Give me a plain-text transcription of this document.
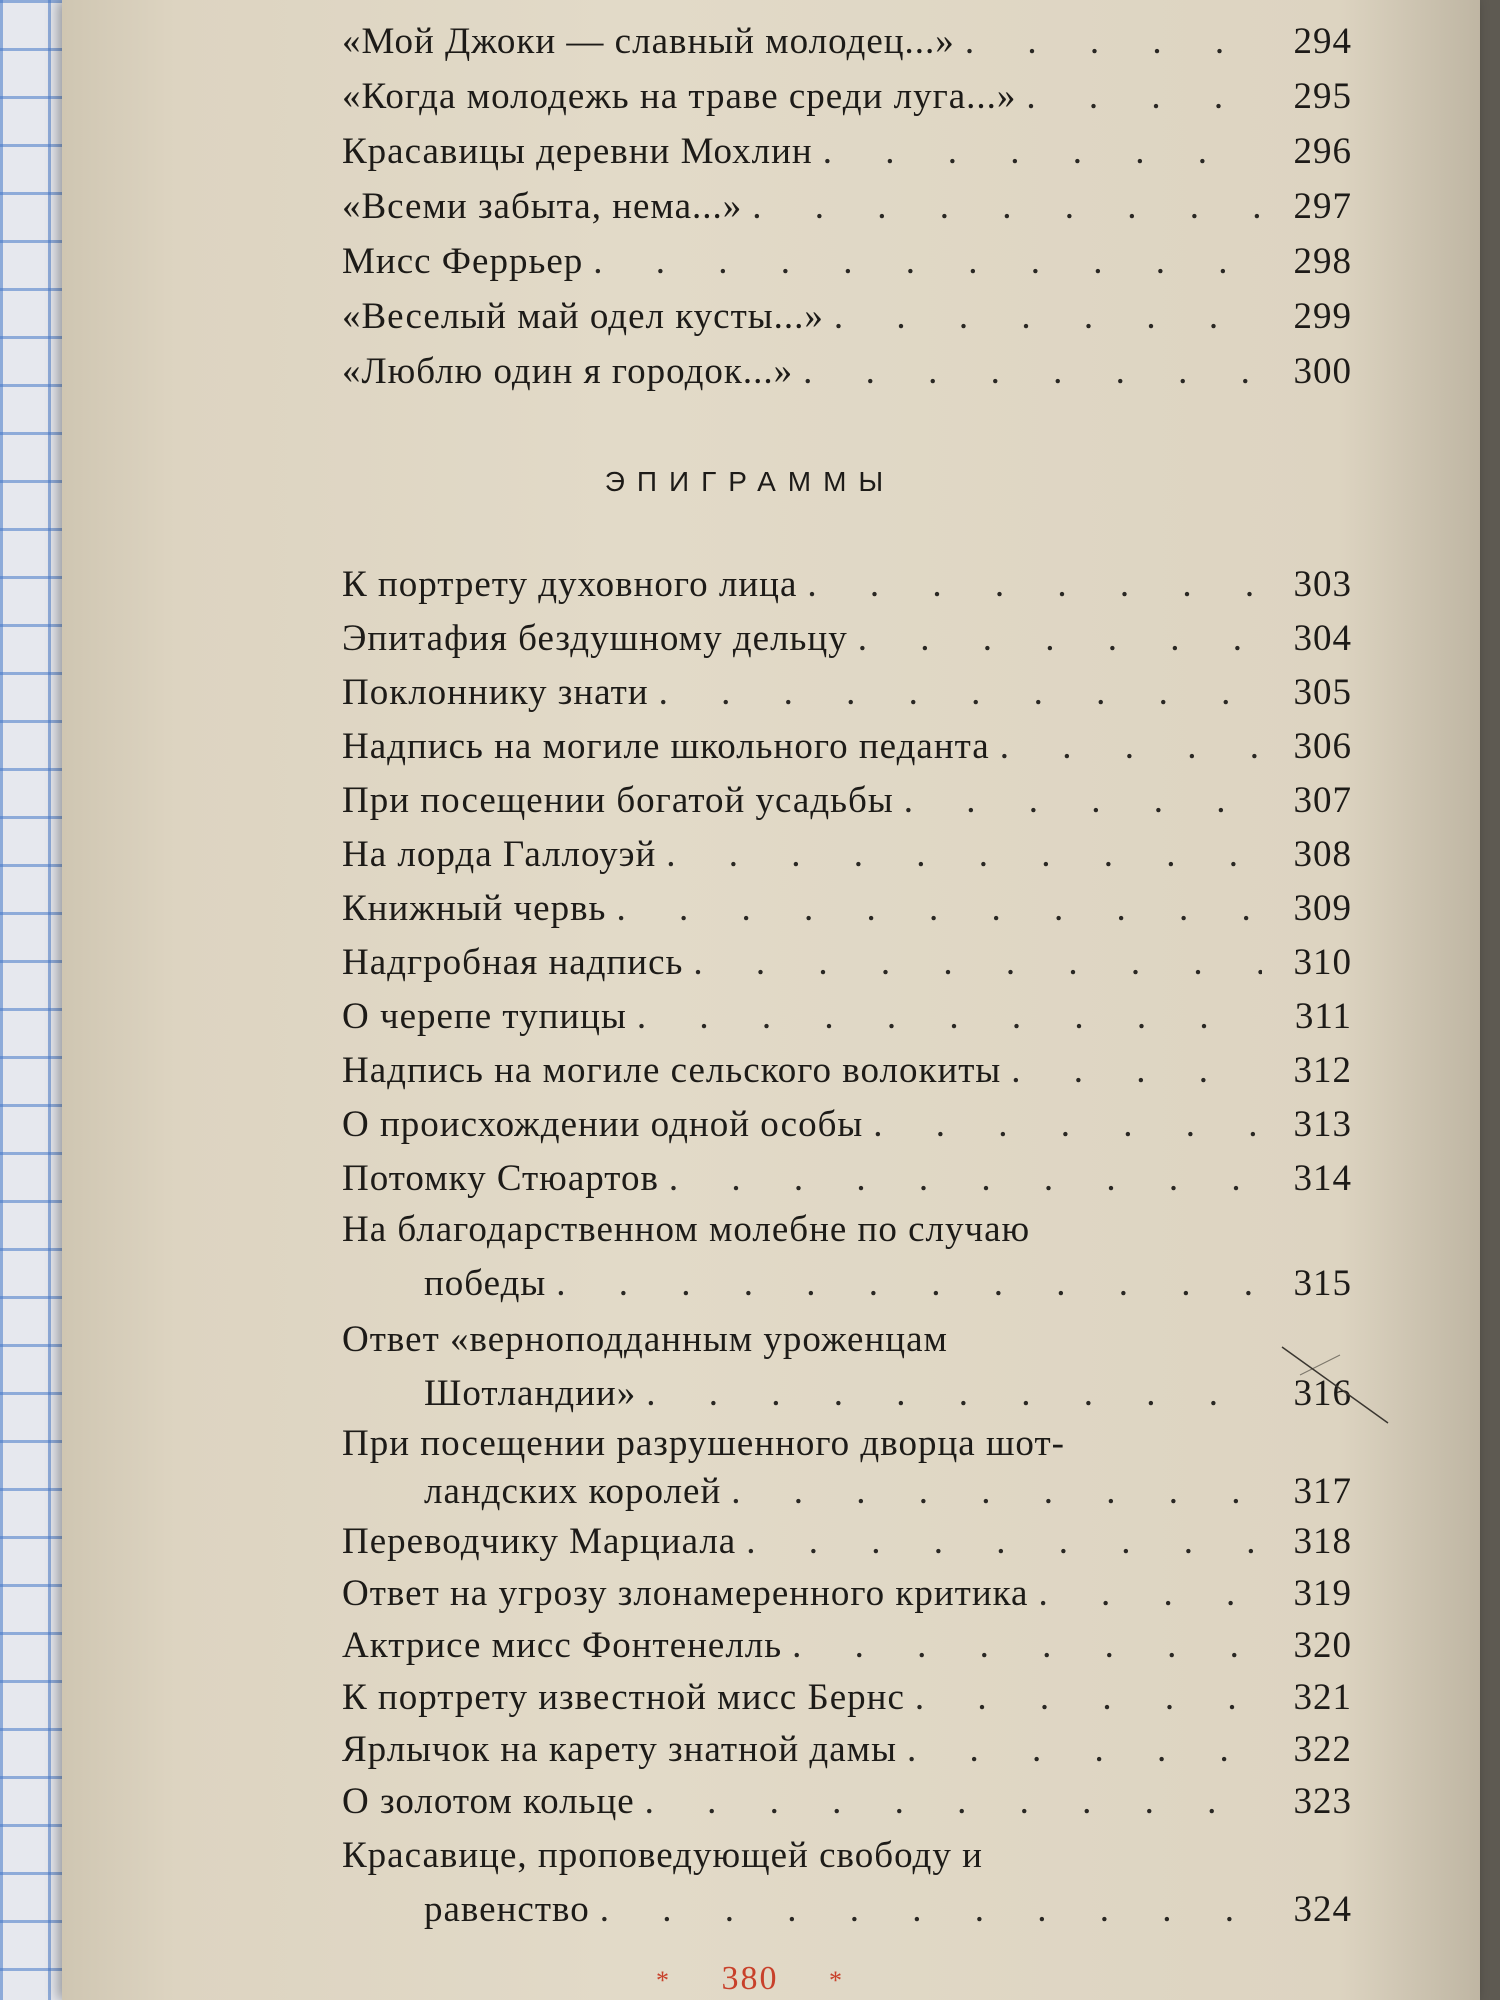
«Мой Джоки — славный молодец...» . . .	294
«Когда молодежь на траве среди луга...» . . .	295
Красавицы деревни Мохлин . . .	296
«Всеми забыта, нема...» . . .	297
Мисс Феррьер . . .	298
«Веселый май одел кусты...» . . .	299
«Люблю один я городок...» . . .	300
ЭПИГРАММЫ
К портрету духовного лица . . .	303
Эпитафия бездушному дельцу . . .	304
Поклоннику знати . . .	305
Надпись на могиле школьного педанта . . .	306
При посещении богатой усадьбы . . .	307
На лорда Галлоуэй . . .	308
Книжный червь . . .	309
Надгробная надпись . . .	310
О черепе тупицы . . .	311
Надпись на могиле сельского волокиты . . .	312
О происхождении одной особы . . .	313
Потомку Стюартов . . .	314
На благодарственном молебне по случаю
победы . . .	315
Ответ «верноподданным уроженцам
Шотландии» . . .	316
При посещении разрушенного дворца шот-
ландских королей . . .	317
Переводчику Марциала . . .	318
Ответ на угрозу злонамеренного критика . . .	319
Актрисе мисс Фонтенелль . . .	320
К портрету известной мисс Бернс . . .	321
Ярлычок на карету знатной дамы . . .	322
О золотом кольце . . .	323
Красавице, проповедующей свободу и
равенство . . .	324
* 380 *
